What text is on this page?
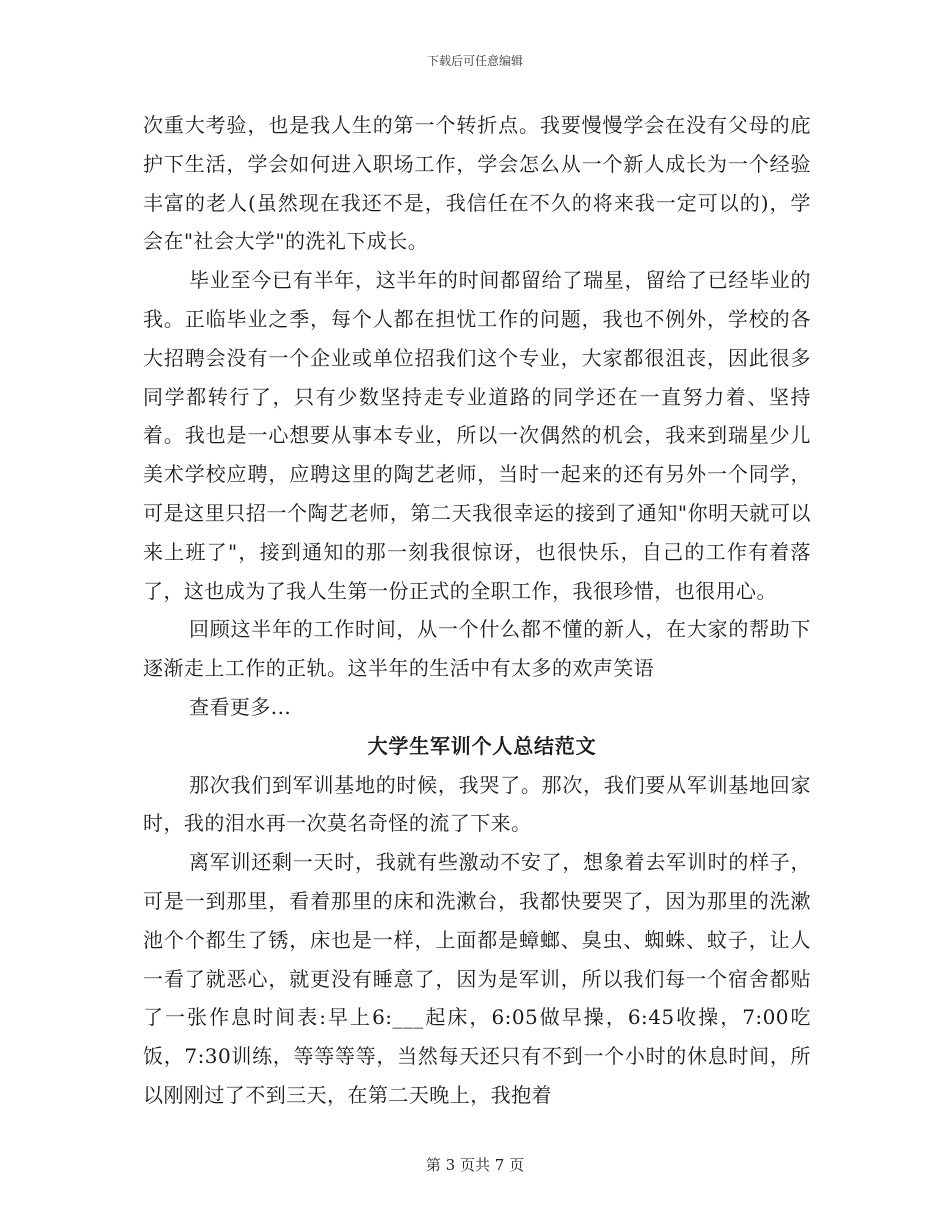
下载后可任意编辑

次重大考验，也是我人生的第一个转折点。我要慢慢学会在没有父母的庇护下生活，学会如何进入职场工作，学会怎么从一个新人成长为一个经验丰富的老人(虽然现在我还不是，我信任在不久的将来我一定可以的)，学会在"社会大学"的洗礼下成长。

毕业至今已有半年，这半年的时间都留给了瑞星，留给了已经毕业的我。正临毕业之季，每个人都在担忧工作的问题，我也不例外，学校的各大招聘会没有一个企业或单位招我们这个专业，大家都很沮丧，因此很多同学都转行了，只有少数坚持走专业道路的同学还在一直努力着、坚持着。我也是一心想要从事本专业，所以一次偶然的机会，我来到瑞星少儿美术学校应聘，应聘这里的陶艺老师，当时一起来的还有另外一个同学，可是这里只招一个陶艺老师，第二天我很幸运的接到了通知"你明天就可以来上班了"，接到通知的那一刻我很惊讶，也很快乐，自己的工作有着落了，这也成为了我人生第一份正式的全职工作，我很珍惜，也很用心。

回顾这半年的工作时间，从一个什么都不懂的新人，在大家的帮助下逐渐走上工作的正轨。这半年的生活中有太多的欢声笑语

查看更多...

大学生军训个人总结范文

那次我们到军训基地的时候，我哭了。那次，我们要从军训基地回家时，我的泪水再一次莫名奇怪的流了下来。

离军训还剩一天时，我就有些激动不安了，想象着去军训时的样子，可是一到那里，看着那里的床和洗漱台，我都快要哭了，因为那里的洗漱池个个都生了锈，床也是一样，上面都是蟑螂、臭虫、蜘蛛、蚊子，让人一看了就恶心，就更没有睡意了，因为是军训，所以我们每一个宿舍都贴了一张作息时间表:早上6:___起床，6:05做早操，6:45收操，7:00吃饭，7:30训练，等等等等，当然每天还只有不到一个小时的休息时间，所以刚刚过了不到三天，在第二天晚上，我抱着

第 3 页共 7 页
